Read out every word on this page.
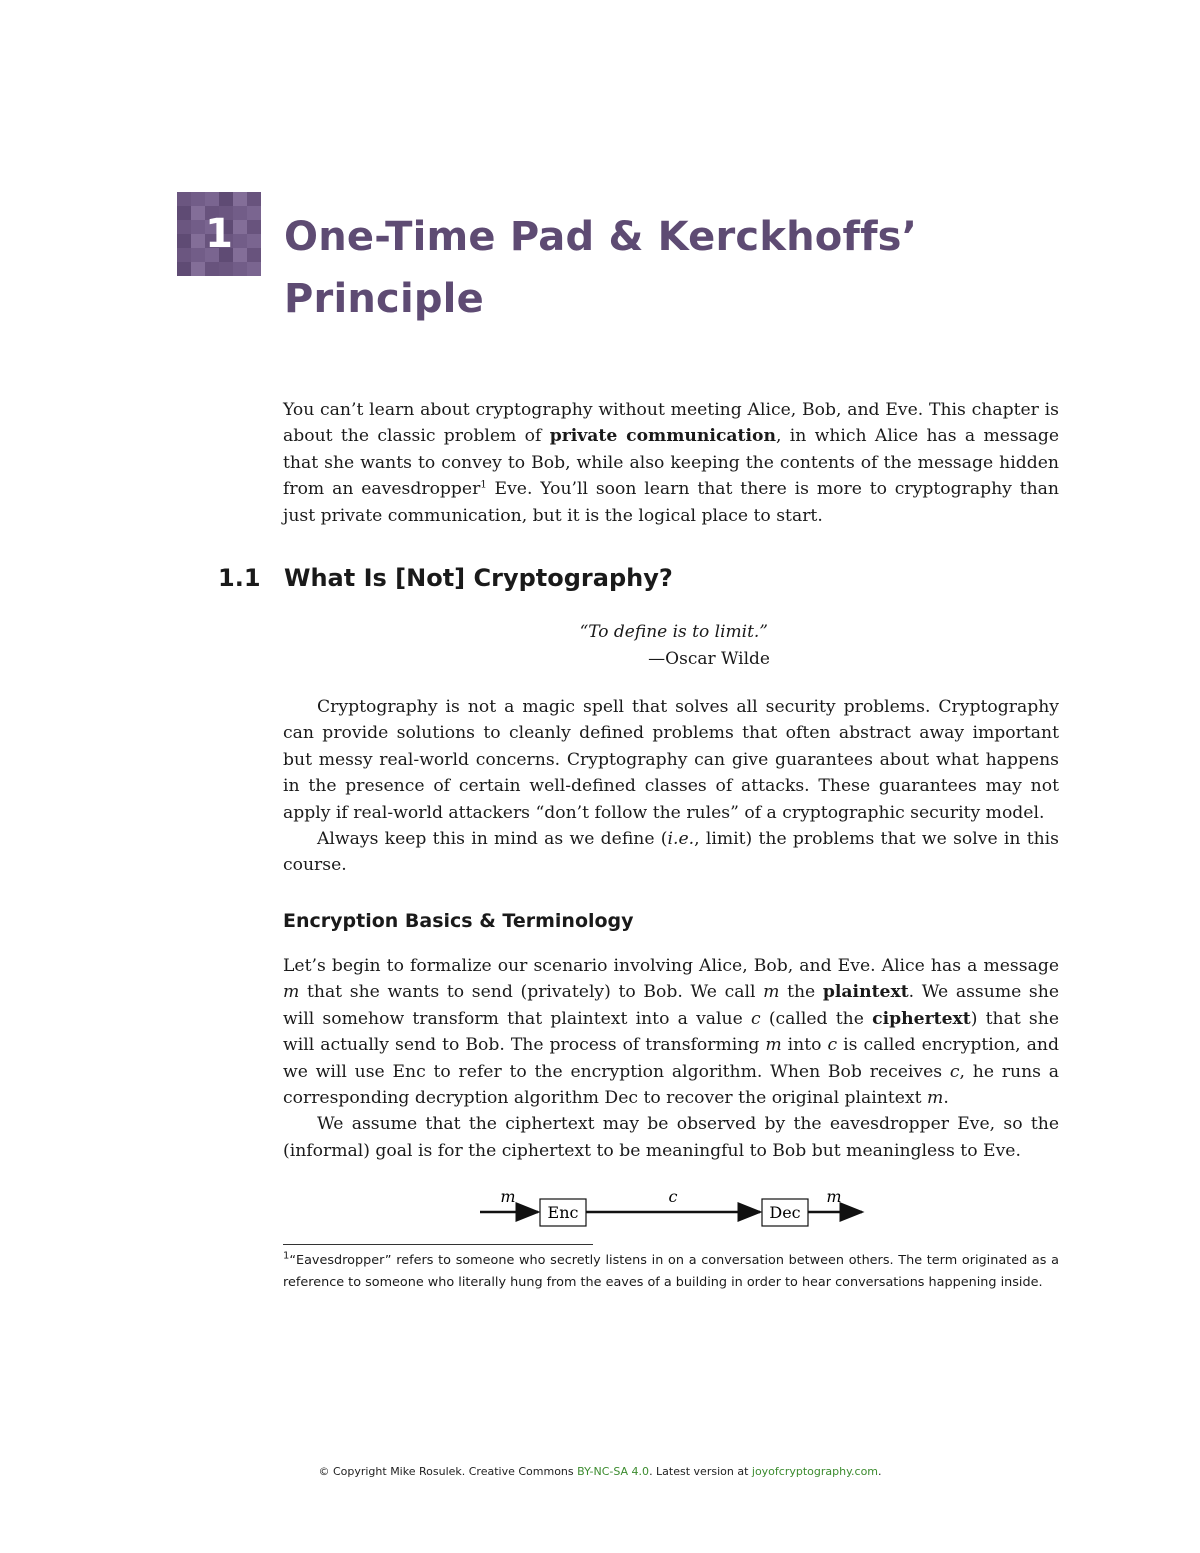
1	One-Time Pad & Kerckhoffs’
Principle

You can’t learn about cryptography without meeting Alice, Bob, and Eve. This chapter is about the classic problem of private communication, in which Alice has a message that she wants to convey to Bob, while also keeping the contents of the message hidden from an eavesdropper$^1$ Eve. You’ll soon learn that there is more to cryptography than just private communication, but it is the logical place to start.

1.1 What Is [Not] Cryptography?
“To define is to limit.”
—Oscar Wilde

Cryptography is not a magic spell that solves all security problems. Cryptography can provide solutions to cleanly defined problems that often abstract away important but messy real-world concerns. Cryptography can give guarantees about what happens in the presence of certain well-defined classes of attacks. These guarantees may not apply if real-world attackers “don’t follow the rules” of a cryptographic security model.

Always keep this in mind as we define (i.e., limit) the problems that we solve in this course.

Encryption Basics & Terminology

Let’s begin to formalize our scenario involving Alice, Bob, and Eve. Alice has a message m that she wants to send (privately) to Bob. We call m the plaintext. We assume she will somehow transform that plaintext into a value c (called the ciphertext) that she will actually send to Bob. The process of transforming m into c is called encryption, and we will use Enc to refer to the encryption algorithm. When Bob receives c, he runs a corresponding decryption algorithm Dec to recover the original plaintext m.

We assume that the ciphertext may be observed by the eavesdropper Eve, so the (informal) goal is for the ciphertext to be meaningful to Bob but meaningless to Eve.

m
Enc
c
Dec
m
$^1$“Eavesdropper” refers to someone who secretly listens in on a conversation between others. The term originated as a reference to someone who literally hung from the eaves of a building in order to hear conversations happening inside.
© Copyright Mike Rosulek. Creative Commons BY-NC-SA 4.0. Latest version at joyofcryptography.com.
